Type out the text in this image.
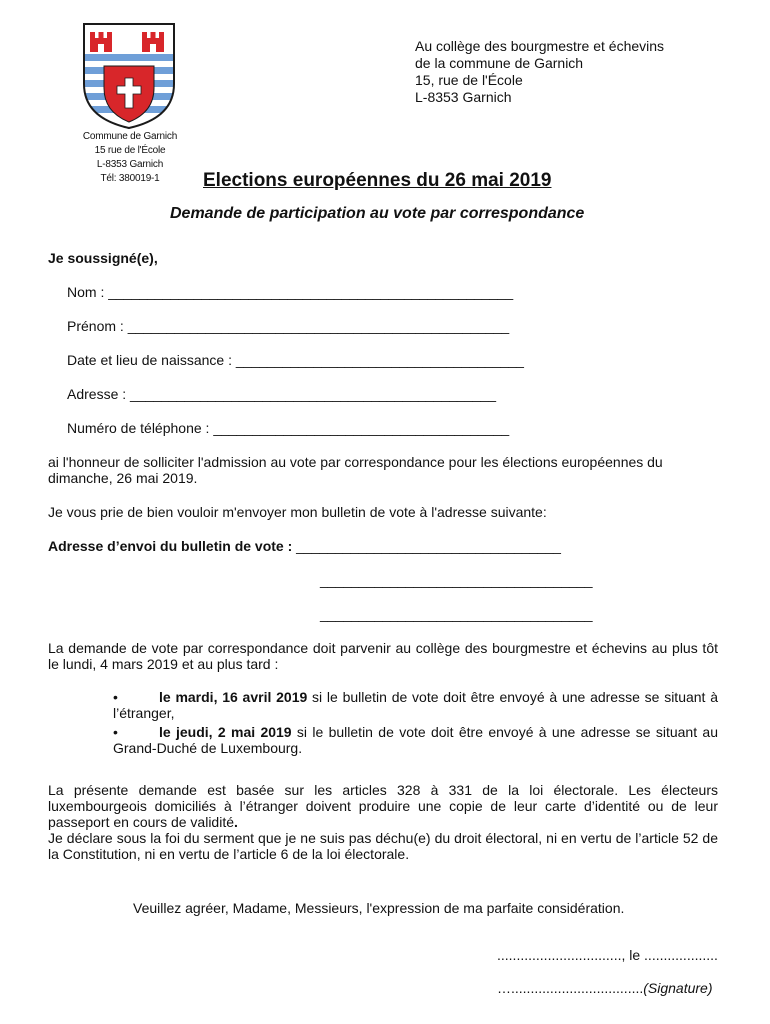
Commune de Garnich
15 rue de l'École
L-8353 Garnich
Tél: 380019-1
Au collège des bourgmestre et échevins
de la commune de Garnich
15, rue de l'École
L-8353 Garnich
Elections européennes du 26 mai 2019
Demande de participation au vote par correspondance
Je soussigné(e),
Nom : ____________________________________________________
Prénom : _________________________________________________
Date et lieu de naissance : _____________________________________
Adresse : _______________________________________________
Numéro de téléphone : ______________________________________
ai l'honneur de solliciter l'admission au vote par correspondance pour les élections européennes du dimanche, 26 mai 2019.
Je vous prie de bien vouloir m'envoyer mon bulletin de vote à l'adresse suivante:
Adresse d’envoi du bulletin de vote : __________________________________
___________________________________
___________________________________
La demande de vote par correspondance doit parvenir au collège des bourgmestre et échevins au plus tôt le lundi, 4 mars 2019 et au plus tard :
•	le mardi, 16 avril 2019 si le bulletin de vote doit être envoyé à une adresse se situant à l’étranger,
•	le jeudi, 2 mai 2019 si le bulletin de vote doit être envoyé à une adresse se situant au Grand-Duché de Luxembourg.
La présente demande est basée sur les articles 328 à 331 de la loi électorale. Les électeurs luxembourgeois domiciliés à l’étranger doivent produire une copie de leur carte d’identité ou de leur passeport en cours de validité.
Je déclare sous la foi du serment que je ne suis pas déchu(e) du droit électoral, ni en vertu de l’article 52 de la Constitution, ni en vertu de l’article 6 de la loi électorale.
Veuillez agréer, Madame, Messieurs, l'expression de ma parfaite considération.
................................, le ...................
…..................................(Signature)
